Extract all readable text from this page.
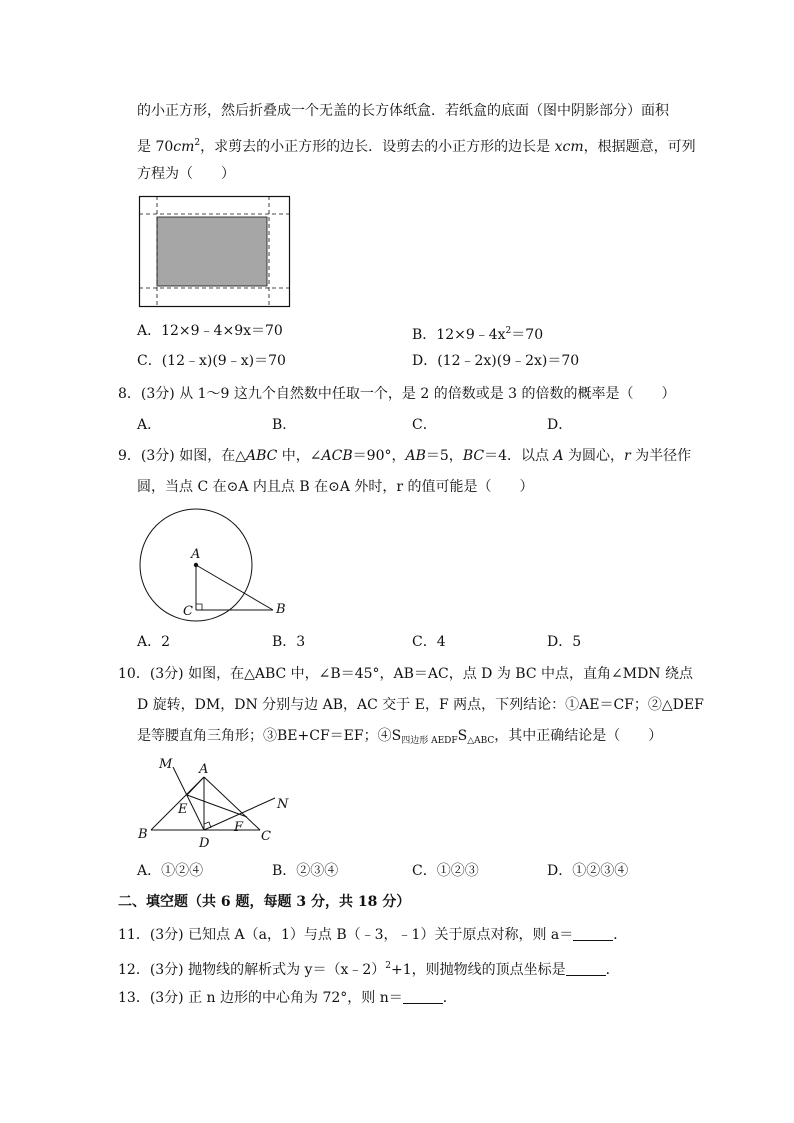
的小正方形，然后折叠成一个无盖的长方体纸盒．若纸盒的底面（图中阴影部分）面积
是 $70cm^2$，求剪去的小正方形的边长．设剪去的小正方形的边长是 xcm，根据题意，可列
方程为（　　）
A．12×9﹣4×9x＝70	B．$12\times 9﹣4x^2=70$
C．(12﹣x)(9﹣x)＝70	D．(12﹣2x)(9﹣2x)＝70
8．(3分) 从 1～9 这九个自然数中任取一个，是 2 的倍数或是 3 的倍数的概率是（　　）
A．	B．	C．	D．
9．(3分) 如图，在△ABC 中，∠ACB＝90°，AB＝5，BC＝4．以点 A 为圆心，r 为半径作
圆，当点 C 在⊙A 内且点 B 在⊙A 外时，r 的值可能是（　　）
A
C	B
A．2	B．3	C．4	D．5
10．(3分) 如图，在△ABC 中，∠B＝45°，AB＝AC，点 D 为 BC 中点，直角∠MDN 绕点
D 旋转，DM，DN 分别与边 AB，AC 交于 E，F 两点，下列结论：①AE＝CF；②△DEF
是等腰直角三角形；③BE+CF＝EF；$④S_{四边形 AEDF}S_{\triangle ABC}$，其中正确结论是（　　）
M A
N
E
F
B
D	C
A．①②④	B．②③④	C．①②③	D．①②③④
二、填空题（共 6 题，每题 3 分，共 18 分）
11．(3分) 已知点 A（a，1）与点 B（﹣3，﹣1）关于原点对称，则 a＝	．
12．(3分) 抛物线的解析式为 y＝（x﹣2）$^2$+1，则抛物线的顶点坐标是	．
13．(3分) 正 n 边形的中心角为 72°，则 n＝	．
